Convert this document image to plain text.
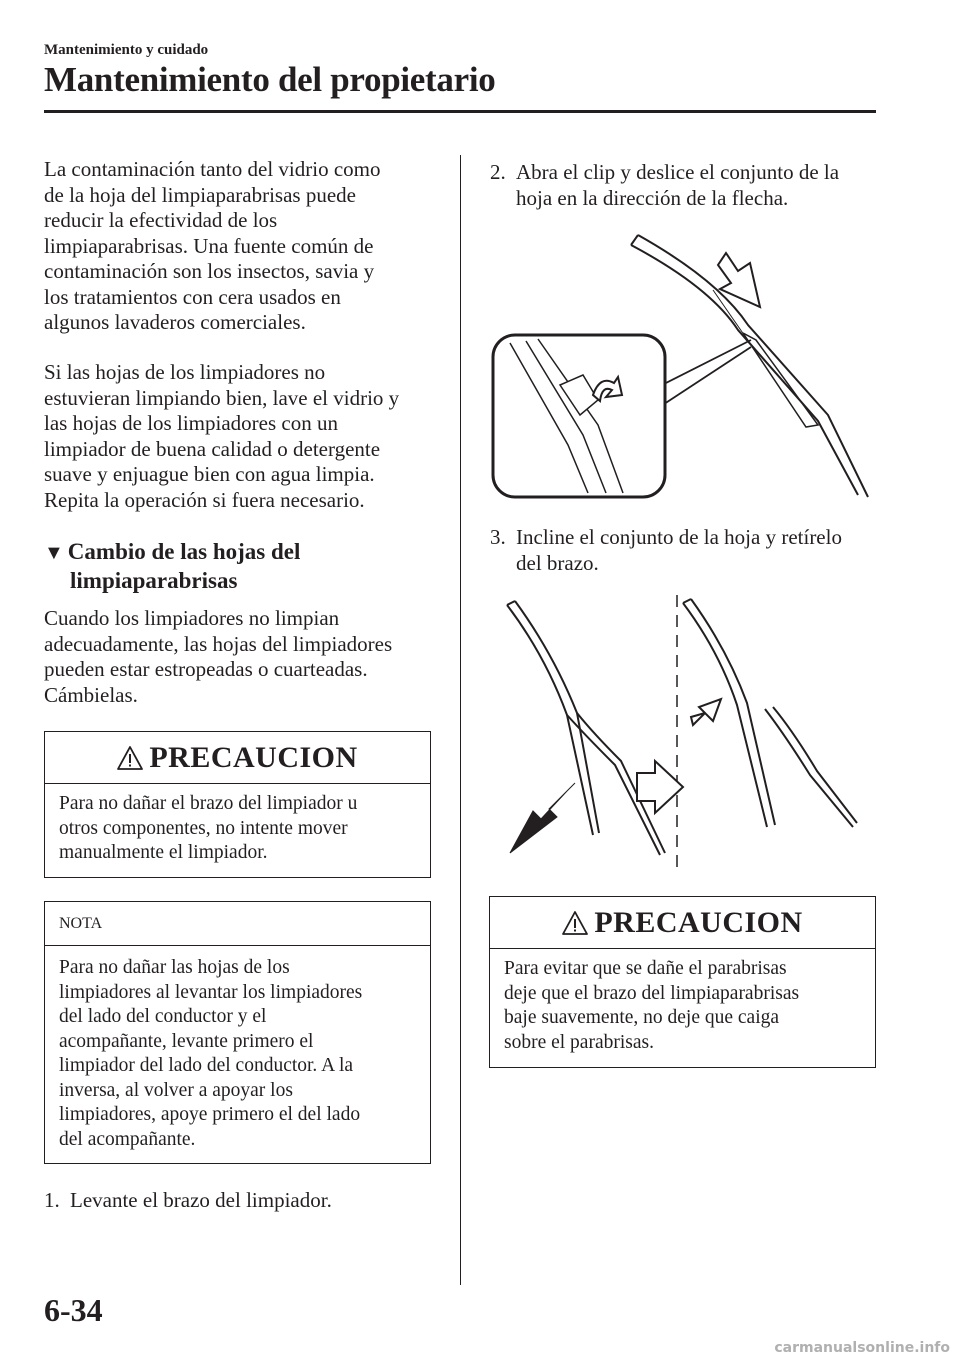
Mantenimiento y cuidado
Mantenimiento del propietario
La contaminación tanto del vidrio como
de la hoja del limpiaparabrisas puede
reducir la efectividad de los
limpiaparabrisas. Una fuente común de
contaminación son los insectos, savia y
los tratamientos con cera usados en
algunos lavaderos comerciales.
Si las hojas de los limpiadores no
estuvieran limpiando bien, lave el vidrio y
las hojas de los limpiadores con un
limpiador de buena calidad o detergente
suave y enjuague bien con agua limpia.
Repita la operación si fuera necesario.
▼ Cambio de las hojas del
limpiaparabrisas
Cuando los limpiadores no limpian
adecuadamente, las hojas del limpiadores
pueden estar estropeadas o cuarteadas.
Cámbielas.
PRECAUCION
Para no dañar el brazo del limpiador u
otros componentes, no intente mover
manualmente el limpiador.
NOTA
Para no dañar las hojas de los
limpiadores al levantar los limpiadores
del lado del conductor y el
acompañante, levante primero el
limpiador del lado del conductor. A la
inversa, al volver a apoyar los
limpiadores, apoye primero el del lado
del acompañante.
1. Levante el brazo del limpiador.
2. Abra el clip y deslice el conjunto de la
hoja en la dirección de la flecha.
3. Incline el conjunto de la hoja y retírelo
del brazo.
PRECAUCION
Para evitar que se dañe el parabrisas
deje que el brazo del limpiaparabrisas
baje suavemente, no deje que caiga
sobre el parabrisas.
6-34
carmanualsonline.info
